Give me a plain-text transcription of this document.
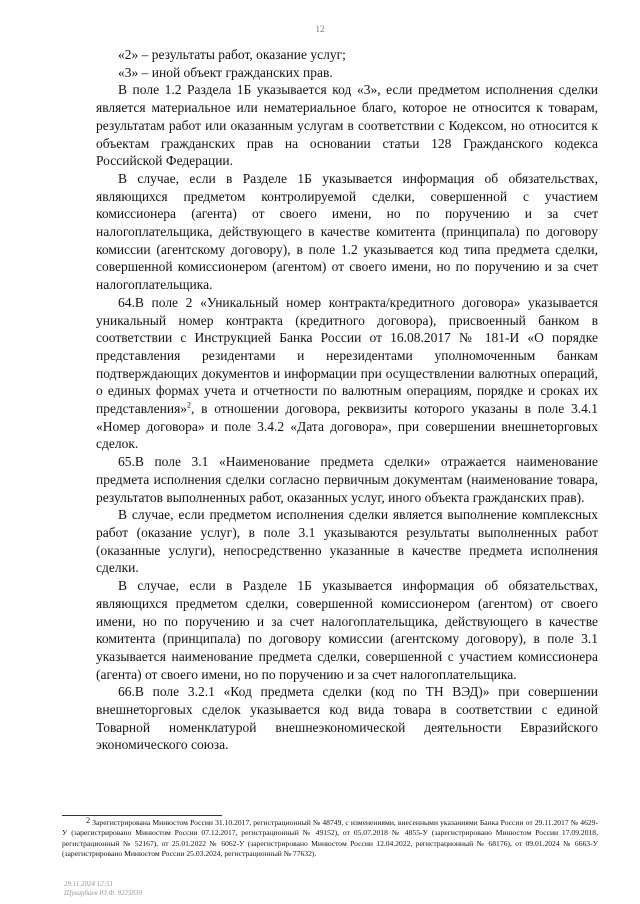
12

«2» – результаты работ, оказание услуг;

«3» – иной объект гражданских прав.

В поле 1.2 Раздела 1Б указывается код «3», если предметом исполнения сделки является материальное или нематериальное благо, которое не относится к товарам, результатам работ или оказанным услугам в соответствии с Кодексом, но относится к объектам гражданских прав на основании статьи 128 Гражданского кодекса Российской Федерации.

В случае, если в Разделе 1Б указывается информация об обязательствах, являющихся предметом контролируемой сделки, совершенной с участием комиссионера (агента) от своего имени, но по поручению и за счет налогоплательщика, действующего в качестве комитента (принципала) по договору комиссии (агентскому договору), в поле 1.2 указывается код типа предмета сделки, совершенной комиссионером (агентом) от своего имени, но по поручению и за счет налогоплательщика.

64.В поле 2 «Уникальный номер контракта/кредитного договора» указывается уникальный номер контракта (кредитного договора), присвоенный банком в соответствии с Инструкцией Банка России от 16.08.2017 № 181-И «О порядке представления резидентами и нерезидентами уполномоченным банкам подтверждающих документов и информации при осуществлении валютных операций, о единых формах учета и отчетности по валютным операциям, порядке и сроках их представления»$^2$, в отношении договора, реквизиты которого указаны в поле 3.4.1 «Номер договора» и поле 3.4.2 «Дата договора», при совершении внешнеторговых сделок.

65.В поле 3.1 «Наименование предмета сделки» отражается наименование предмета исполнения сделки согласно первичным документам (наименование товара, результатов выполненных работ, оказанных услуг, иного объекта гражданских прав).

В случае, если предметом исполнения сделки является выполнение комплексных работ (оказание услуг), в поле 3.1 указываются результаты выполненных работ (оказанные услуги), непосредственно указанные в качестве предмета исполнения сделки.

В случае, если в Разделе 1Б указывается информация об обязательствах, являющихся предметом сделки, совершенной комиссионером (агентом) от своего имени, но по поручению и за счет налогоплательщика, действующего в качестве комитента (принципала) по договору комиссии (агентскому договору), в поле 3.1 указывается наименование предмета сделки, совершенной с участием комиссионера (агента) от своего имени, но по поручению и за счет налогоплательщика.

66.В поле 3.2.1 «Код предмета сделки (код по ТН ВЭД)» при совершении внешнеторговых сделок указывается код вида товара в соответствии с единой Товарной номенклатурой внешнеэкономической деятельности Евразийского экономического союза.

$^2$ Зарегистрирована Минюстом России 31.10.2017, регистрационный № 48749, с изменениями, внесенными указаниями Банка России от 29.11.2017 № 4629-У (зарегистрировано Минюстом России 07.12.2017, регистрационный № 49152), от 05.07.2018 № 4855-У (зарегистрировано Минюстом России 17.09.2018, регистрационный № 52167), от 25.01.2022 № 6062-У (зарегистрировано Минюстом России 12.04.2022, регистрационный № 68176), от 09.01.2024 № 6663-У (зарегистрировано Минюстом России 25.03.2024, регистрационный № 77632).

29.11.2024 12:51
Щукарбаев Ю.Ф. 9225839
